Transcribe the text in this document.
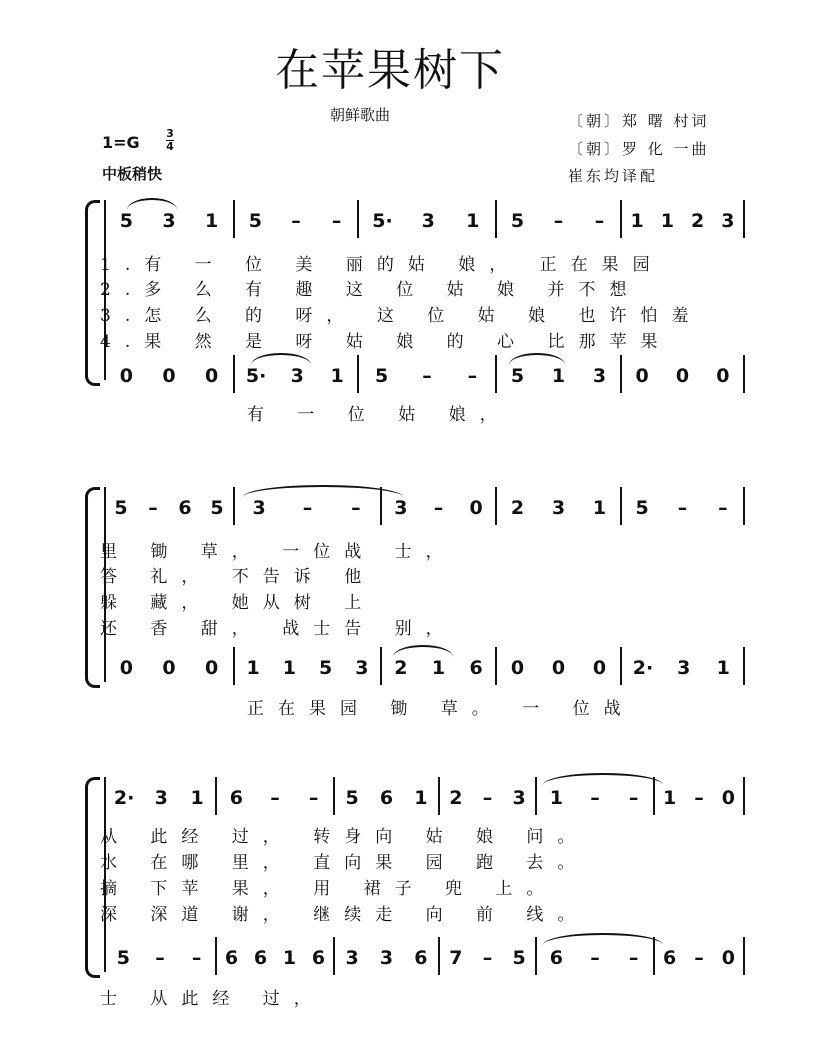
在苹果树下
朝鲜歌曲	〔朝〕郑 曙 村词
〔朝〕罗 化 一曲
崔东均译配
1=G 3
4
中板稍快
5 3 1 5 – – 5· 3 1 5 – – 1 1 2 3
1.有 一 位 美 丽的姑 娘， 正在果园
2.多 么 有 趣 这 位 姑 娘 并不想
3.怎 么 的 呀， 这 位 姑 娘 也许怕羞
4.果 然 是 呀 姑 娘 的 心 比那苹果
0 0 0 5· 3 1 5 – – 5 1 3 0 0 0
有 一 位 姑 娘，
5 – 6 5 3 – – 3 – 0 2 3 1 5 – –
里 锄 草， 一位战 士，
答 礼， 不告诉 他
躲 藏， 她从树 上
还 香 甜， 战士告 别，
0 0 0 1 1 5 3 2 1 6 0 0 0 2· 3 1
正在果园 锄 草。 一 位战
2· 3 1 6 – – 5 6 1 2 – 3 1 – – 1 – 0
从 此经 过， 转身向 姑 娘 问。
水 在哪 里， 直向果 园 跑 去。
摘 下苹 果， 用 裙子 兜 上。
深 深道 谢， 继续走 向 前 线。
5 – – 6 6 1 6 3 3 6 7 – 5 6 – – 6 – 0
士 从此经 过，
